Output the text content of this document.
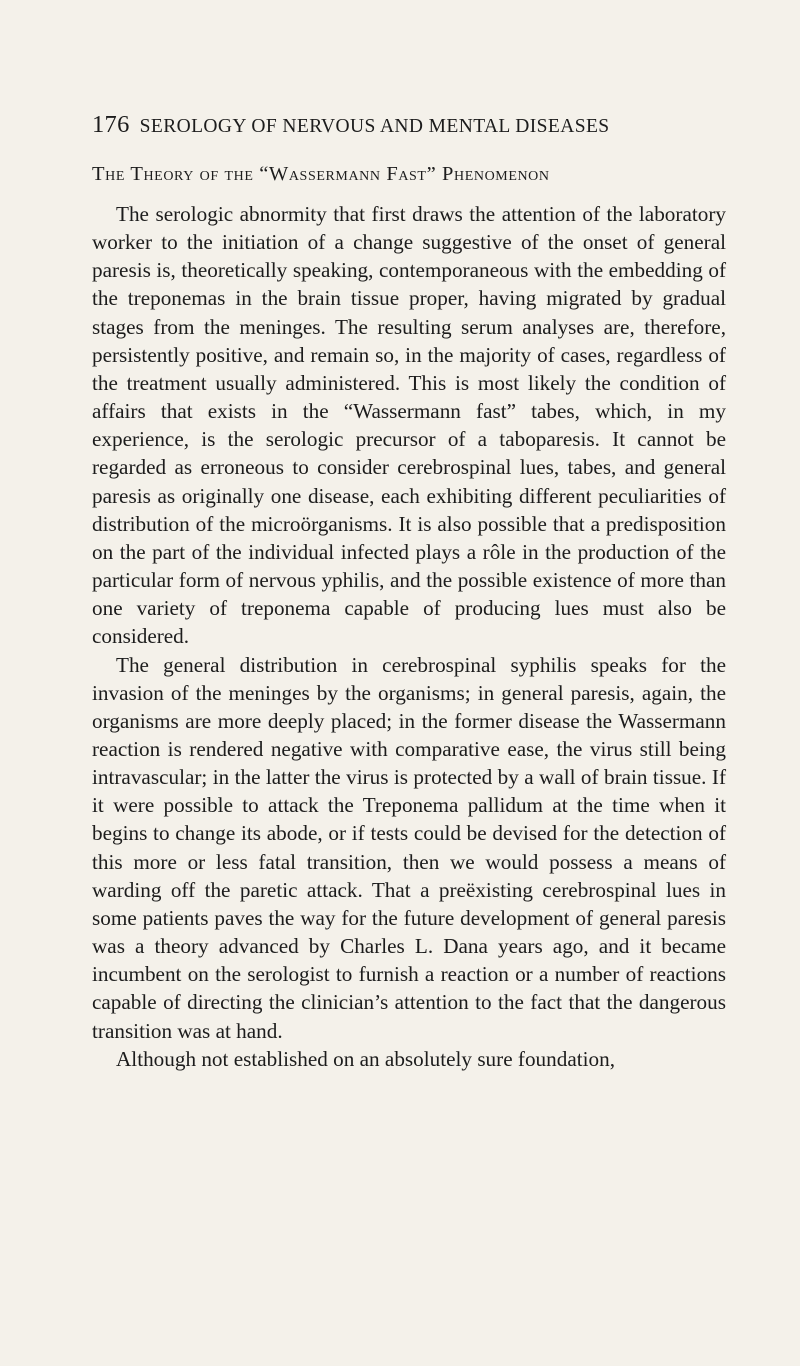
176 SEROLOGY OF NERVOUS AND MENTAL DISEASES
The Theory of the “Wassermann Fast” Phenomenon

The serologic abnormity that first draws the attention of the laboratory worker to the initiation of a change suggestive of the onset of general paresis is, theoretically speaking, contemporaneous with the embedding of the treponemas in the brain tissue proper, having migrated by gradual stages from the meninges. The resulting serum analyses are, therefore, persistently positive, and remain so, in the majority of cases, regardless of the treatment usually administered. This is most likely the condition of affairs that exists in the “Wassermann fast” tabes, which, in my experience, is the serologic precursor of a taboparesis. It cannot be regarded as erroneous to consider cerebrospinal lues, tabes, and general paresis as originally one disease, each exhibiting different peculiarities of distribution of the microörganisms. It is also possible that a predisposition on the part of the individual infected plays a rôle in the production of the particular form of nervous yphilis, and the possible existence of more than one variety of treponema capable of producing lues must also be considered.

The general distribution in cerebrospinal syphilis speaks for the invasion of the meninges by the organisms; in general paresis, again, the organisms are more deeply placed; in the former disease the Wassermann reaction is rendered negative with comparative ease, the virus still being intravascular; in the latter the virus is protected by a wall of brain tissue. If it were possible to attack the Treponema pallidum at the time when it begins to change its abode, or if tests could be devised for the detection of this more or less fatal transition, then we would possess a means of warding off the paretic attack. That a preëxisting cerebrospinal lues in some patients paves the way for the future development of general paresis was a theory advanced by Charles L. Dana years ago, and it became incumbent on the serologist to furnish a reaction or a number of reactions capable of directing the clinician’s attention to the fact that the dangerous transition was at hand.

Although not established on an absolutely sure foundation,
